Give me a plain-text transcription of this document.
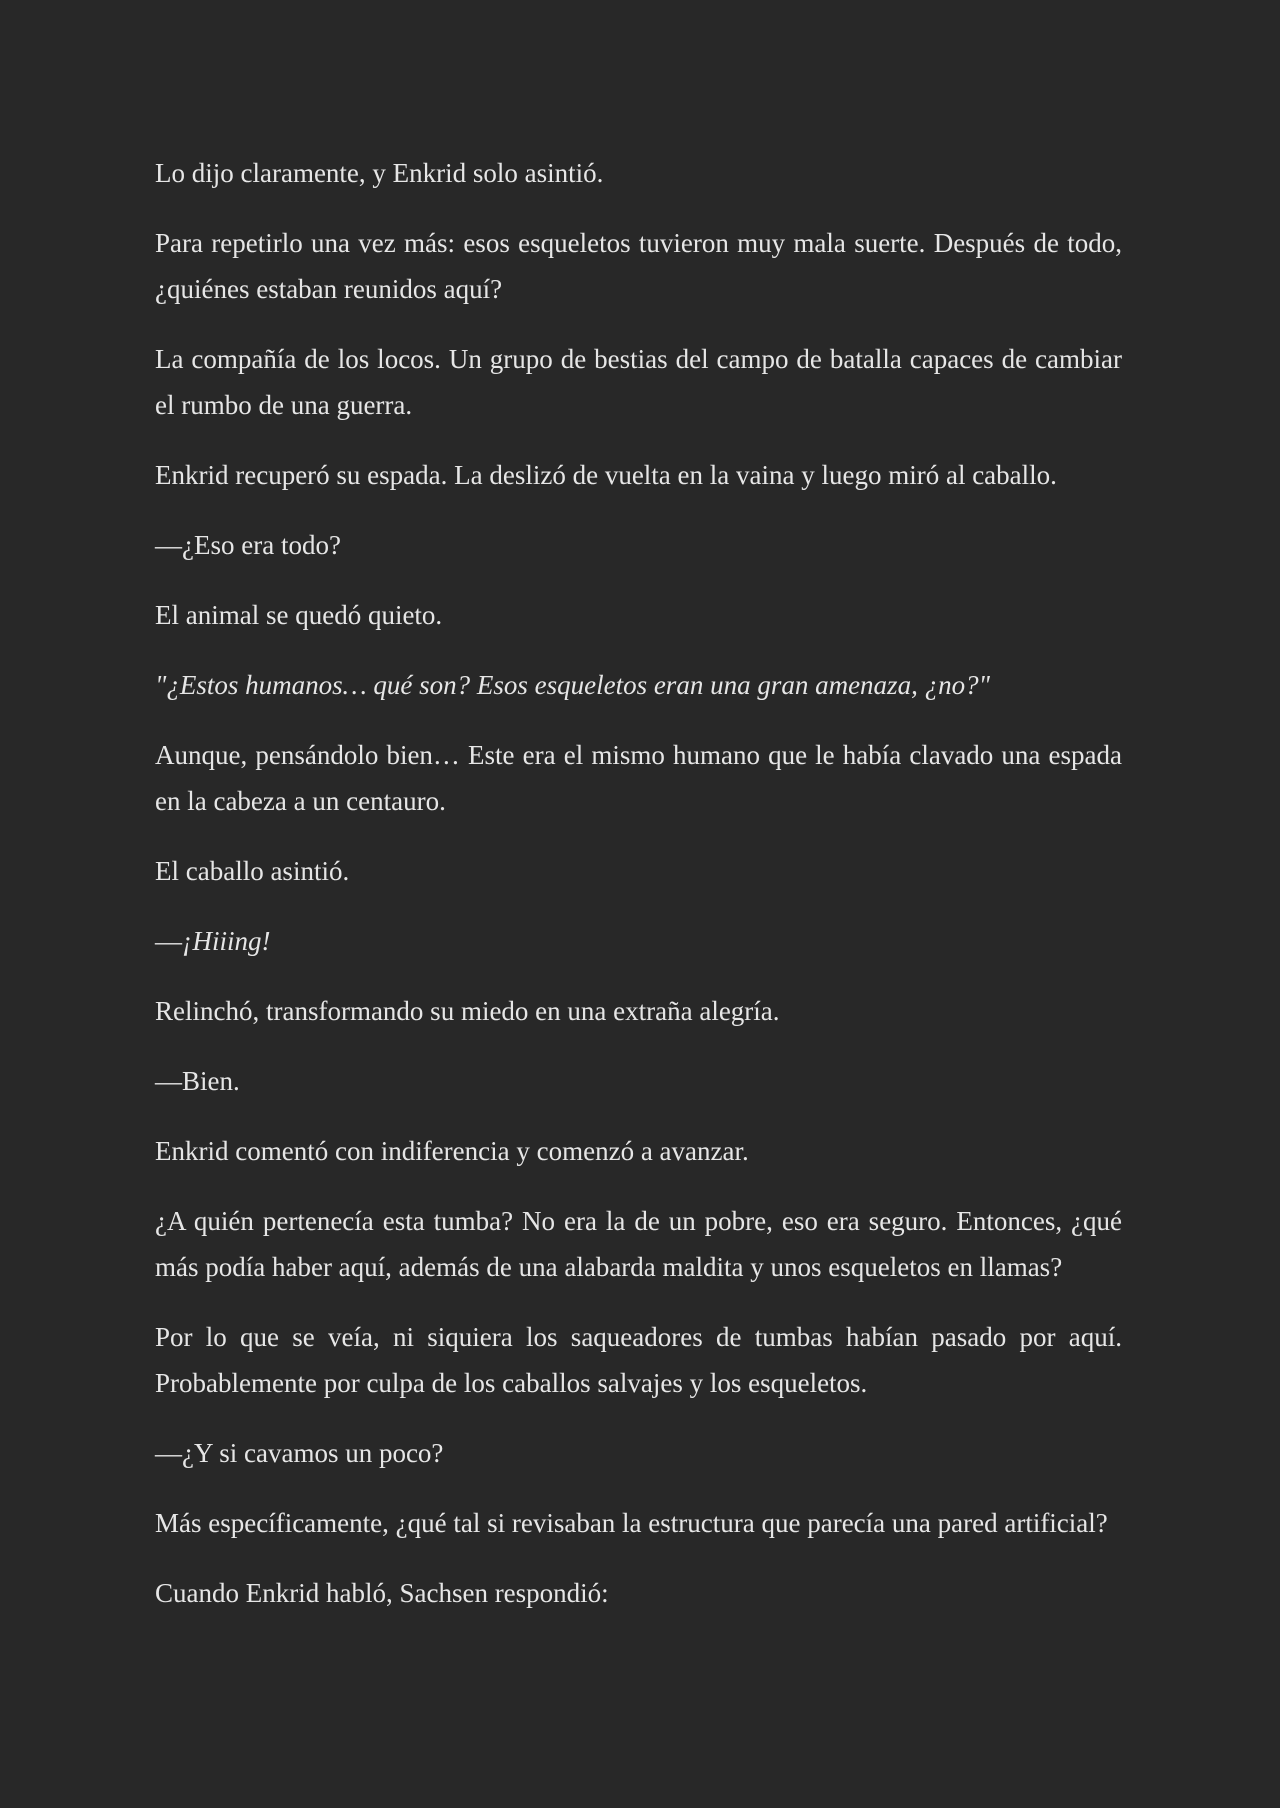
Lo dijo claramente, y Enkrid solo asintió.

Para repetirlo una vez más: esos esqueletos tuvieron muy mala suerte. Después de todo, ¿quiénes estaban reunidos aquí?

La compañía de los locos. Un grupo de bestias del campo de batalla capaces de cambiar el rumbo de una guerra.

Enkrid recuperó su espada. La deslizó de vuelta en la vaina y luego miró al caballo.

—¿Eso era todo?

El animal se quedó quieto.

"¿Estos humanos… qué son? Esos esqueletos eran una gran amenaza, ¿no?"

Aunque, pensándolo bien… Este era el mismo humano que le había clavado una espada en la cabeza a un centauro.

El caballo asintió.

—¡Hiiing!

Relinchó, transformando su miedo en una extraña alegría.

—Bien.

Enkrid comentó con indiferencia y comenzó a avanzar.

¿A quién pertenecía esta tumba? No era la de un pobre, eso era seguro. Entonces, ¿qué más podía haber aquí, además de una alabarda maldita y unos esqueletos en llamas?

Por lo que se veía, ni siquiera los saqueadores de tumbas habían pasado por aquí. Probablemente por culpa de los caballos salvajes y los esqueletos.

—¿Y si cavamos un poco?

Más específicamente, ¿qué tal si revisaban la estructura que parecía una pared artificial?

Cuando Enkrid habló, Sachsen respondió:
